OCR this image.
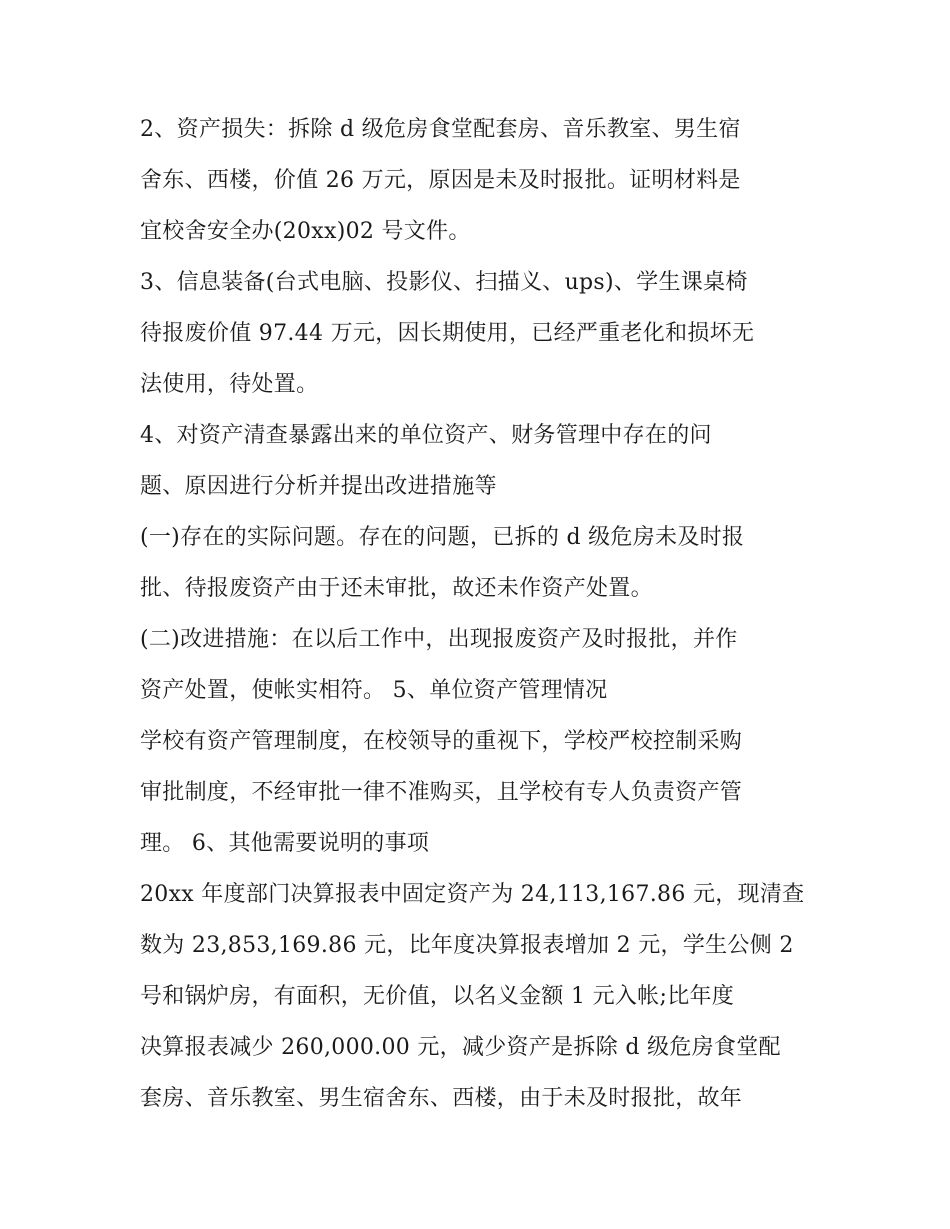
2、资产损失：拆除 d 级危房食堂配套房、音乐教室、男生宿
舍东、西楼，价值 26 万元，原因是未及时报批。证明材料是
宜校舍安全办(20xx)02 号文件。
3、信息装备(台式电脑、投影仪、扫描义、ups)、学生课桌椅
待报废价值 97.44 万元，因长期使用，已经严重老化和损坏无
法使用，待处置。
4、对资产清查暴露出来的单位资产、财务管理中存在的问
题、原因进行分析并提出改进措施等
(一)存在的实际问题。存在的问题，已拆的 d 级危房未及时报
批、待报废资产由于还未审批，故还未作资产处置。
(二)改进措施：在以后工作中，出现报废资产及时报批，并作
资产处置，使帐实相符。 5、单位资产管理情况
学校有资产管理制度，在校领导的重视下，学校严校控制采购
审批制度，不经审批一律不准购买，且学校有专人负责资产管
理。 6、其他需要说明的事项
20xx 年度部门决算报表中固定资产为 24,113,167.86 元，现清查
数为 23,853,169.86 元，比年度决算报表增加 2 元，学生公侧 2
号和锅炉房，有面积，无价值，以名义金额 1 元入帐;比年度
决算报表减少 260,000.00 元，减少资产是拆除 d 级危房食堂配
套房、音乐教室、男生宿舍东、西楼，由于未及时报批，故年
